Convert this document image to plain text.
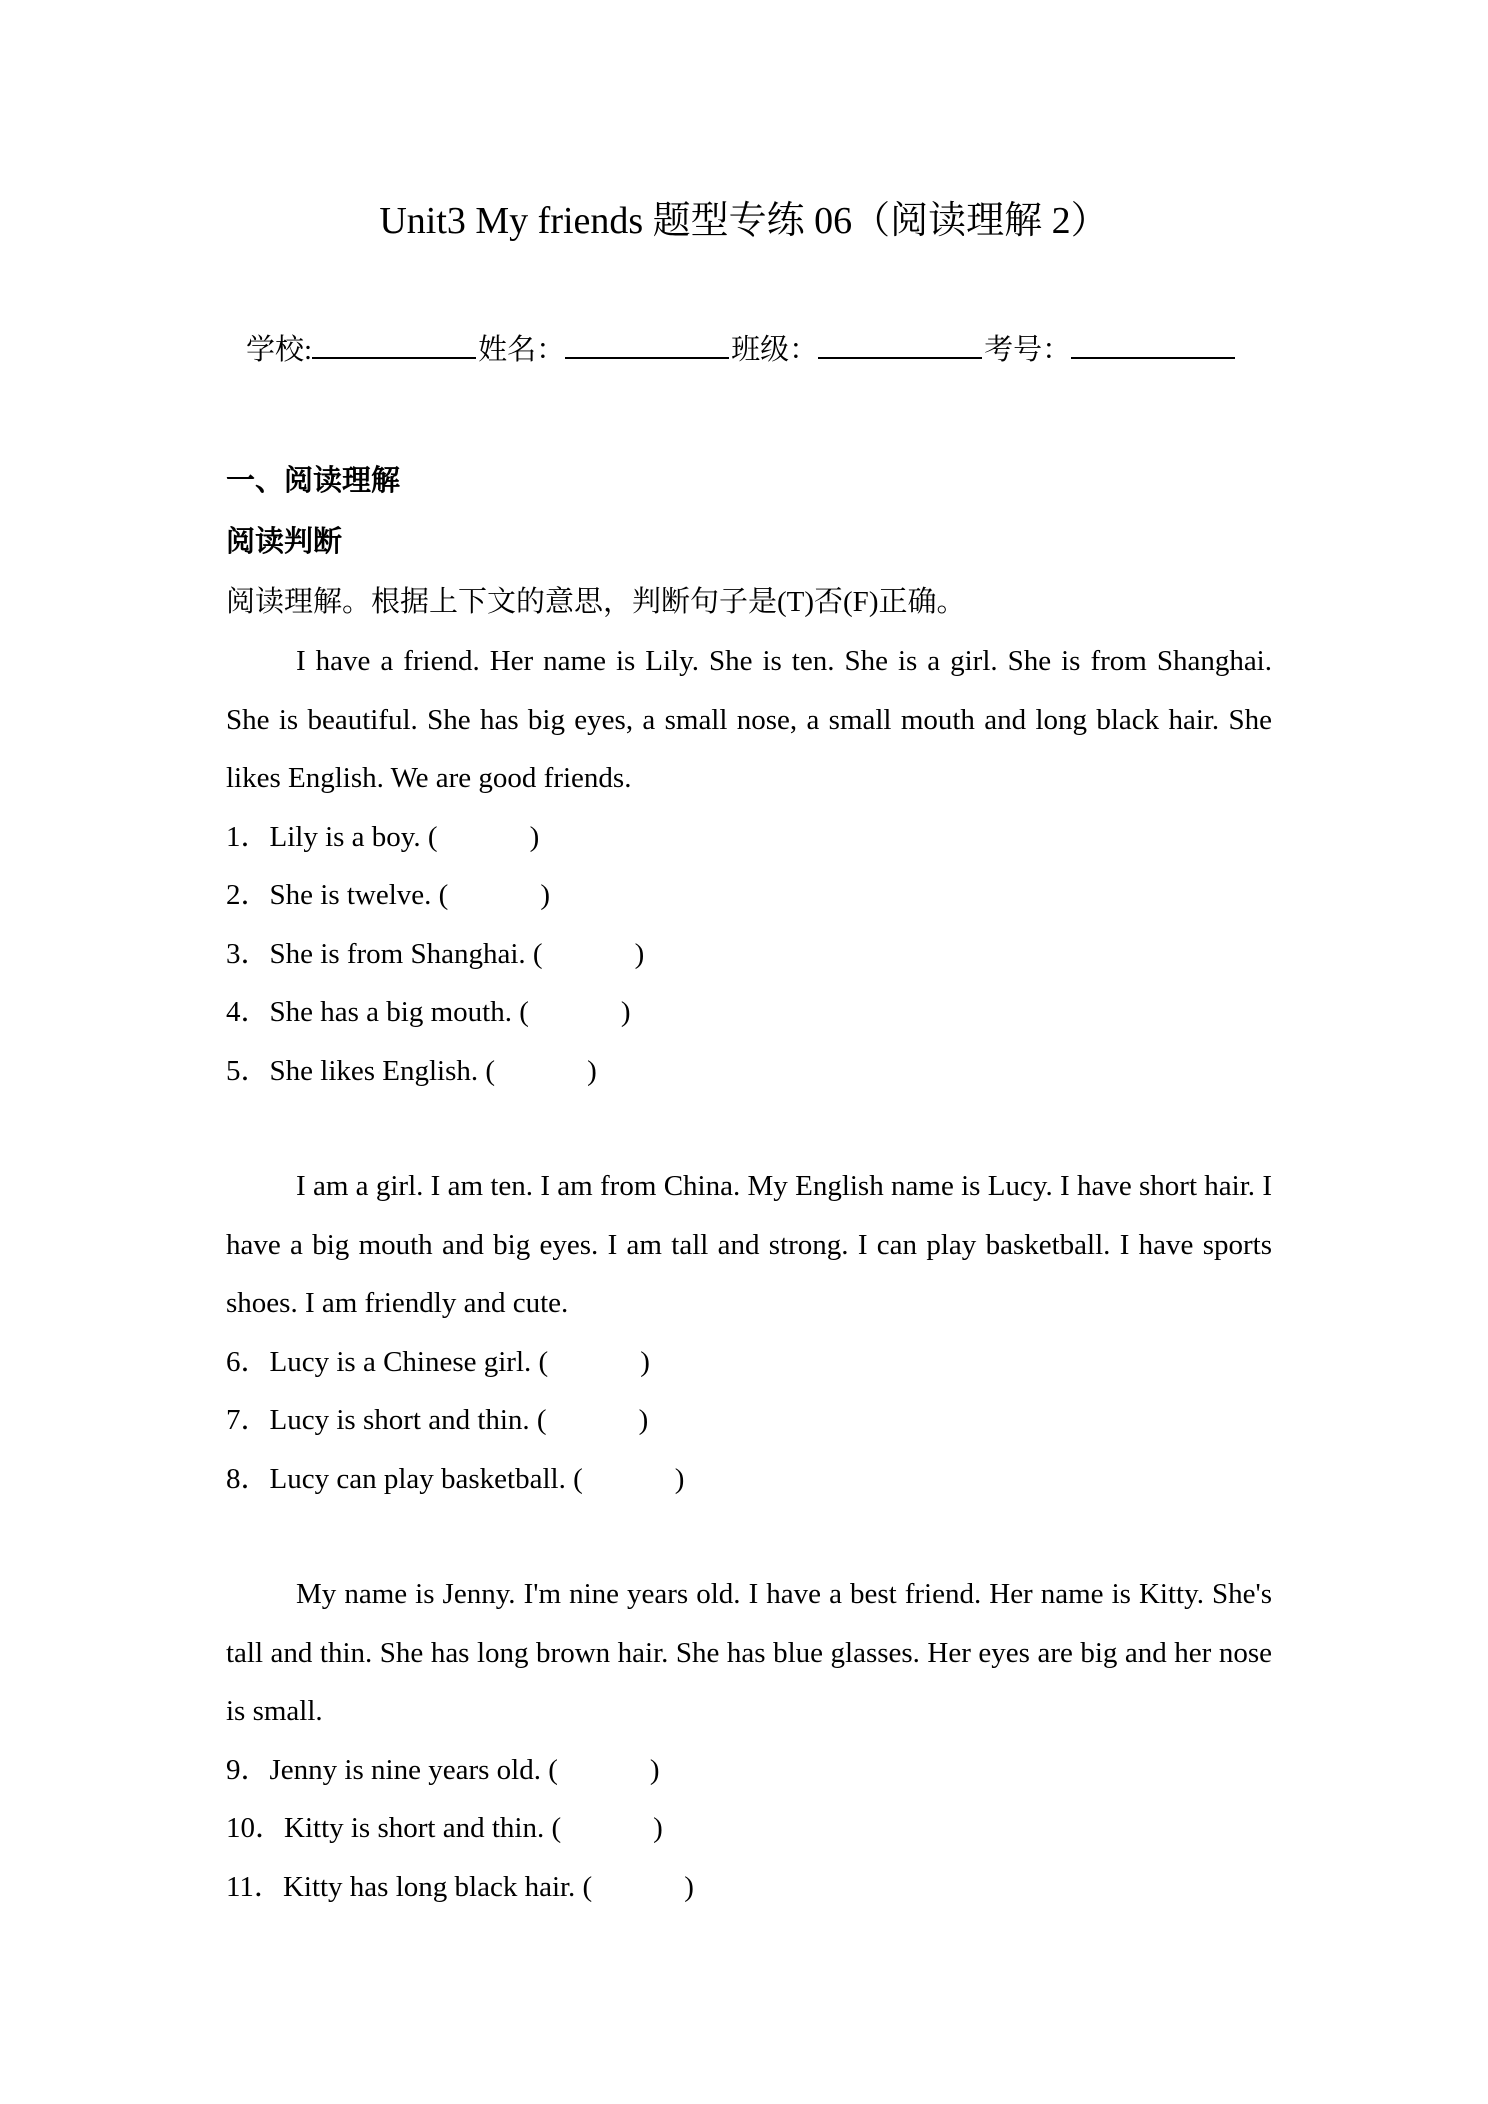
Unit3 My friends 题型专练 06（阅读理解 2）
学校:	姓名：	班级：	考号：
一、阅读理解
阅读判断
阅读理解。根据上下文的意思，判断句子是(T)否(F)正确。

I have a friend. Her name is Lily. She is ten. She is a girl. She is from Shanghai. She is beautiful. She has big eyes, a small nose, a small mouth and long black hair. She likes English. We are good friends.

1．Lily is a boy. (	)
2．She is twelve. (	)
3．She is from Shanghai. (	)
4．She has a big mouth. (	)
5．She likes English. (	)

I am a girl. I am ten. I am from China. My English name is Lucy. I have short hair. I have a big mouth and big eyes. I am tall and strong. I can play basketball. I have sports shoes. I am friendly and cute.

6．Lucy is a Chinese girl. (	)
7．Lucy is short and thin. (	)
8．Lucy can play basketball. (	)

My name is Jenny. I'm nine years old. I have a best friend. Her name is Kitty. She's tall and thin. She has long brown hair. She has blue glasses. Her eyes are big and her nose is small.

9．Jenny is nine years old. (	)
10．Kitty is short and thin. (	)
11．Kitty has long black hair. (	)
